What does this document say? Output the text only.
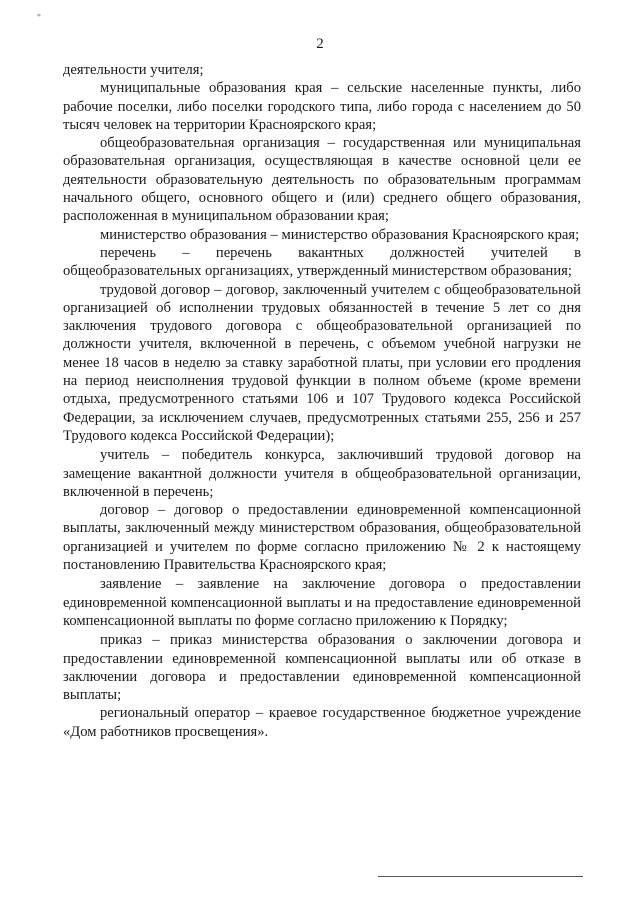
*
2

деятельности учителя;

муниципальные образования края – сельские населенные пункты, либо рабочие поселки, либо поселки городского типа, либо города с населением до 50 тысяч человек на территории Красноярского края;

общеобразовательная организация – государственная или муниципальная образовательная организация, осуществляющая в качестве основной цели ее деятельности образовательную деятельность по образовательным программам начального общего, основного общего и (или) среднего общего образования, расположенная в муниципальном образовании края;

министерство образования – министерство образования Красноярского края;

перечень – перечень вакантных должностей учителей в общеобразовательных организациях, утвержденный министерством образования;

трудовой договор – договор, заключенный учителем с общеобразовательной организацией об исполнении трудовых обязанностей в течение 5 лет со дня заключения трудового договора с общеобразовательной организацией по должности учителя, включенной в перечень, с объемом учебной нагрузки не менее 18 часов в неделю за ставку заработной платы, при условии его продления на период неисполнения трудовой функции в полном объеме (кроме времени отдыха, предусмотренного статьями 106 и 107 Трудового кодекса Российской Федерации, за исключением случаев, предусмотренных статьями 255, 256 и 257 Трудового кодекса Российской Федерации);

учитель – победитель конкурса, заключивший трудовой договор на замещение вакантной должности учителя в общеобразовательной организации, включенной в перечень;

договор – договор о предоставлении единовременной компенсационной выплаты, заключенный между министерством образования, общеобразовательной организацией и учителем по форме согласно приложению № 2 к настоящему постановлению Правительства Красноярского края;

заявление – заявление на заключение договора о предоставлении единовременной компенсационной выплаты и на предоставление единовременной компенсационной выплаты по форме согласно приложению к Порядку;

приказ – приказ министерства образования о заключении договора и предоставлении единовременной компенсационной выплаты или об отказе в заключении договора и предоставлении единовременной компенсационной выплаты;

региональный оператор – краевое государственное бюджетное учреждение «Дом работников просвещения».
